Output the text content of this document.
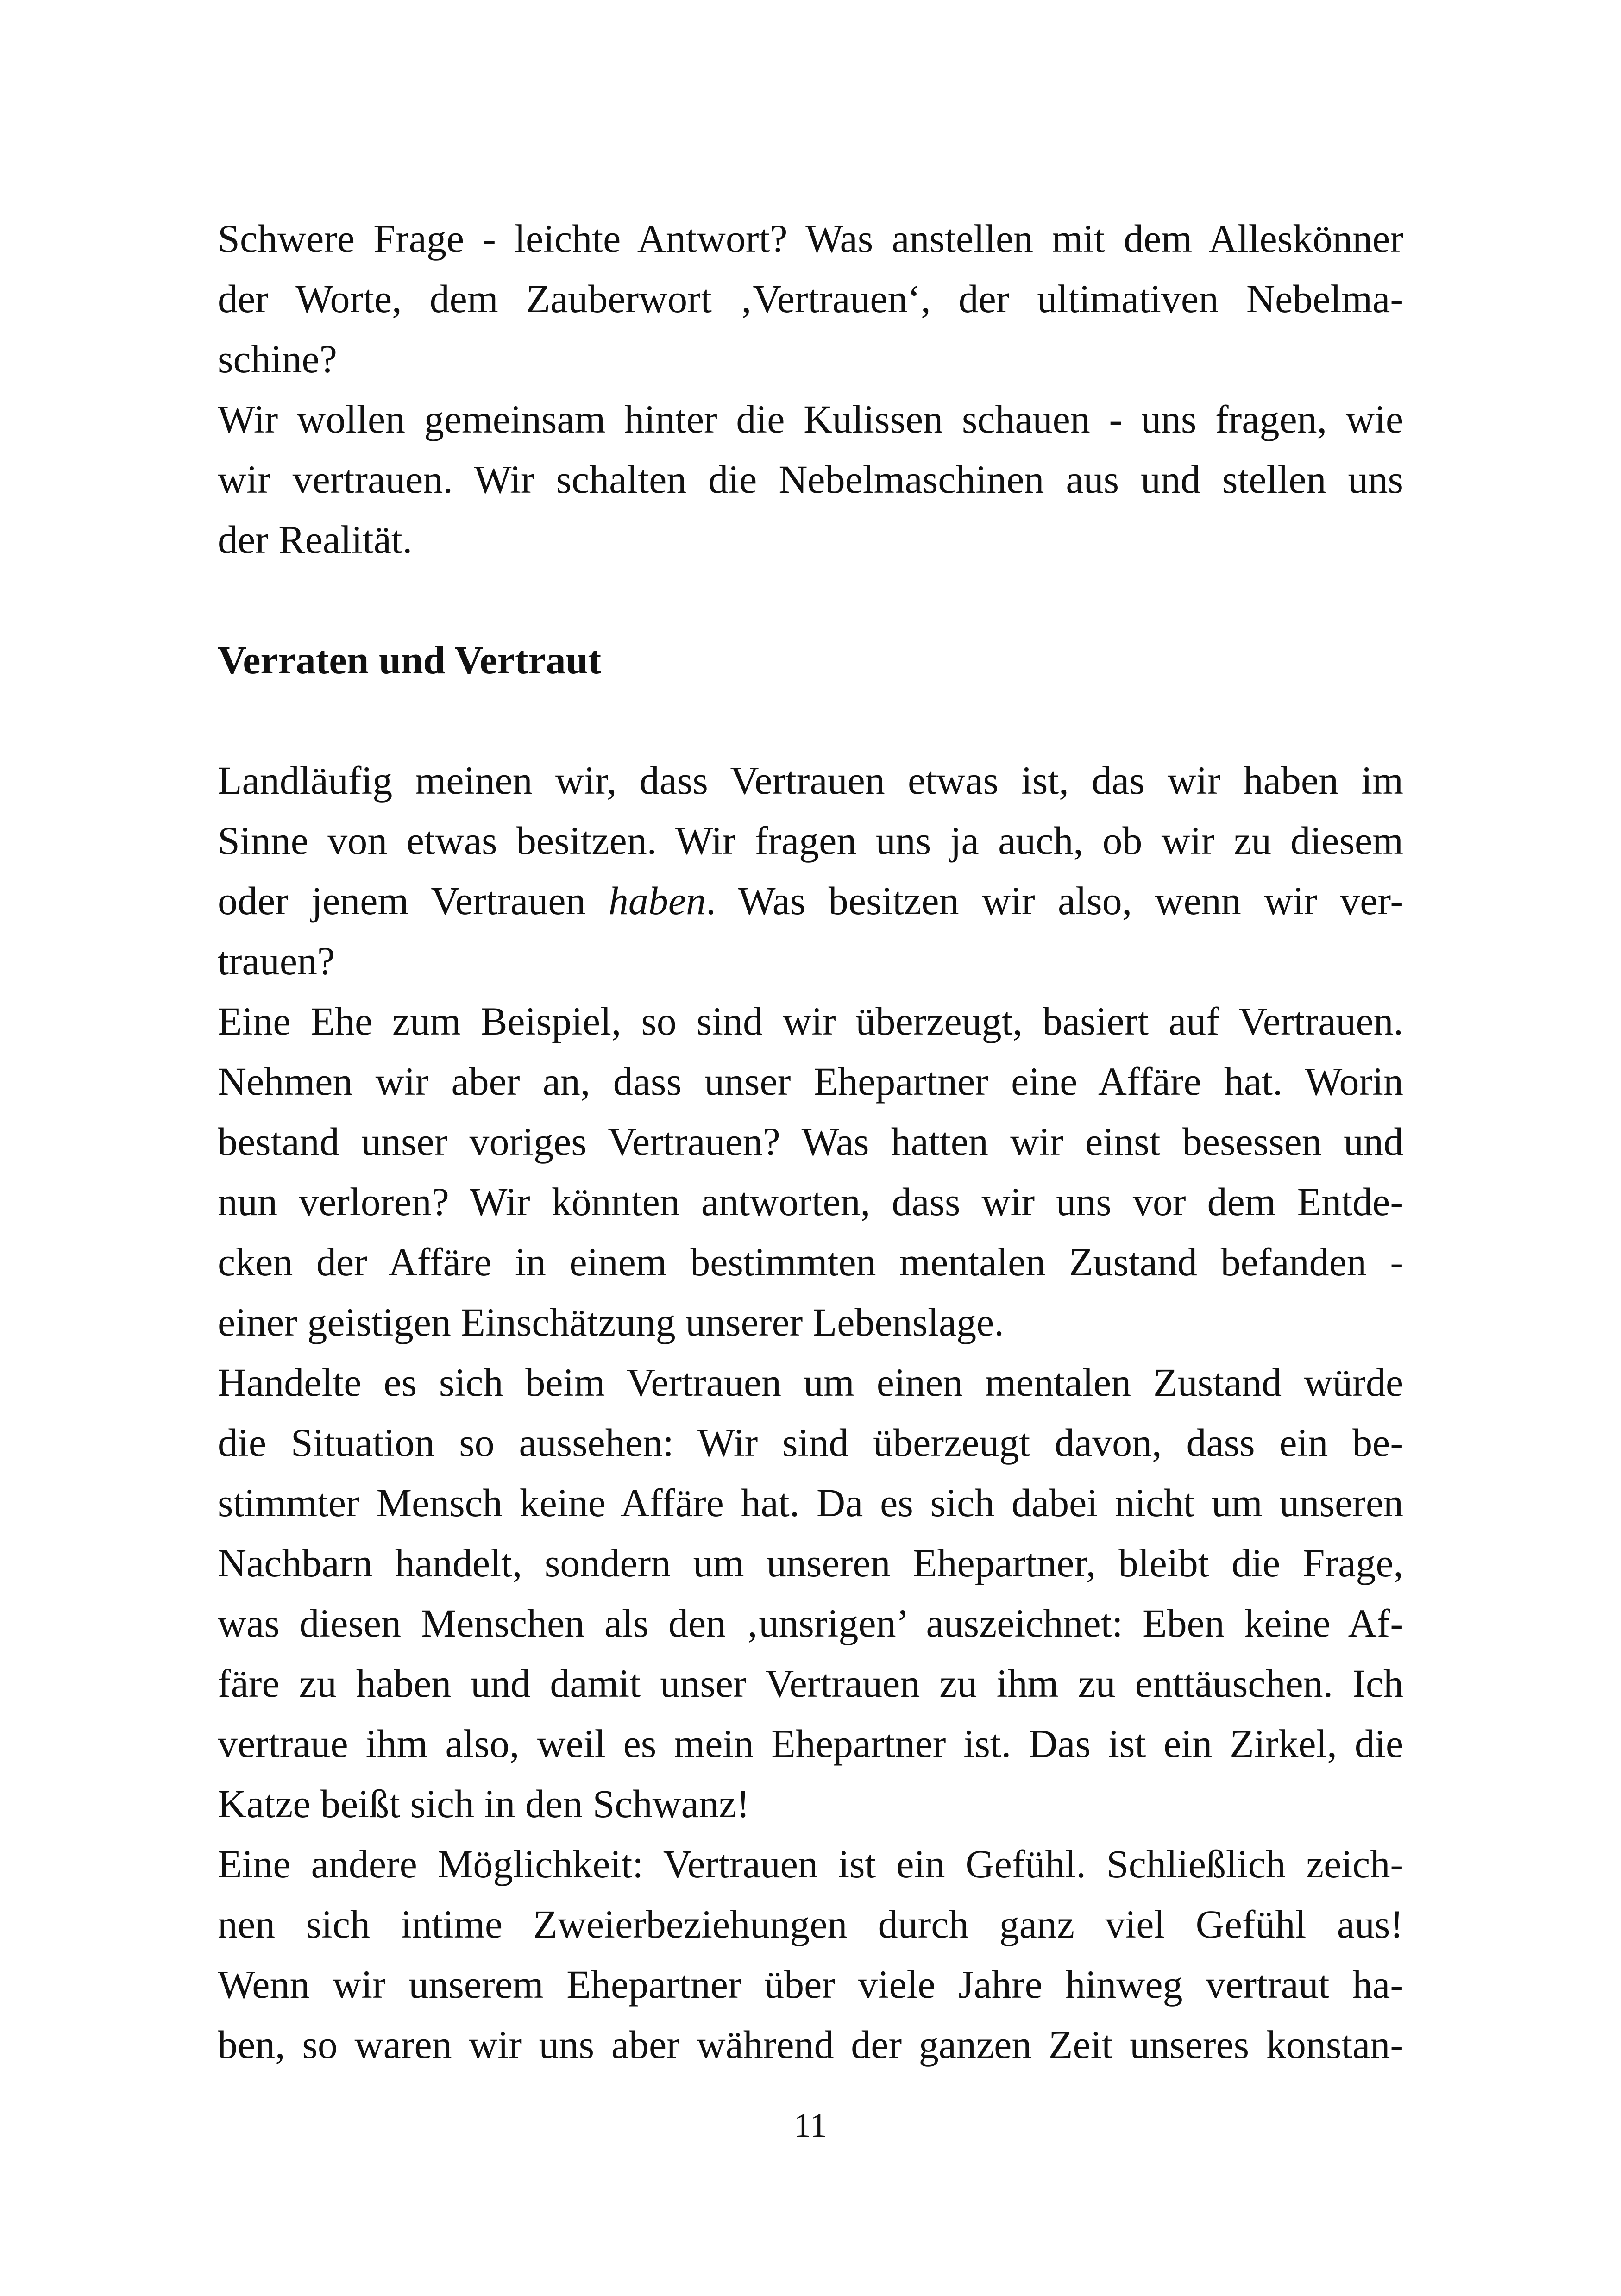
Schwere Frage - leichte Antwort? Was anstellen mit dem Alleskönner
der Worte, dem Zauberwort ‚Vertrauen‘, der ultimativen Nebelma-
schine?
Wir wollen gemeinsam hinter die Kulissen schauen - uns fragen, wie
wir vertrauen. Wir schalten die Nebelmaschinen aus und stellen uns
der Realität.
Verraten und Vertraut
Landläufig meinen wir, dass Vertrauen etwas ist, das wir haben im
Sinne von etwas besitzen. Wir fragen uns ja auch, ob wir zu diesem
oder jenem Vertrauen haben. Was besitzen wir also, wenn wir ver-
trauen?
Eine Ehe zum Beispiel, so sind wir überzeugt, basiert auf Vertrauen.
Nehmen wir aber an, dass unser Ehepartner eine Affäre hat. Worin
bestand unser voriges Vertrauen? Was hatten wir einst besessen und
nun verloren? Wir könnten antworten, dass wir uns vor dem Entde-
cken der Affäre in einem bestimmten mentalen Zustand befanden -
einer geistigen Einschätzung unserer Lebenslage.
Handelte es sich beim Vertrauen um einen mentalen Zustand würde
die Situation so aussehen: Wir sind überzeugt davon, dass ein be-
stimmter Mensch keine Affäre hat. Da es sich dabei nicht um unseren
Nachbarn handelt, sondern um unseren Ehepartner, bleibt die Frage,
was diesen Menschen als den ‚unsrigen’ auszeichnet: Eben keine Af-
färe zu haben und damit unser Vertrauen zu ihm zu enttäuschen. Ich
vertraue ihm also, weil es mein Ehepartner ist. Das ist ein Zirkel, die
Katze beißt sich in den Schwanz!
Eine andere Möglichkeit: Vertrauen ist ein Gefühl. Schließlich zeich-
nen sich intime Zweierbeziehungen durch ganz viel Gefühl aus!
Wenn wir unserem Ehepartner über viele Jahre hinweg vertraut ha-
ben, so waren wir uns aber während der ganzen Zeit unseres konstan-
11
